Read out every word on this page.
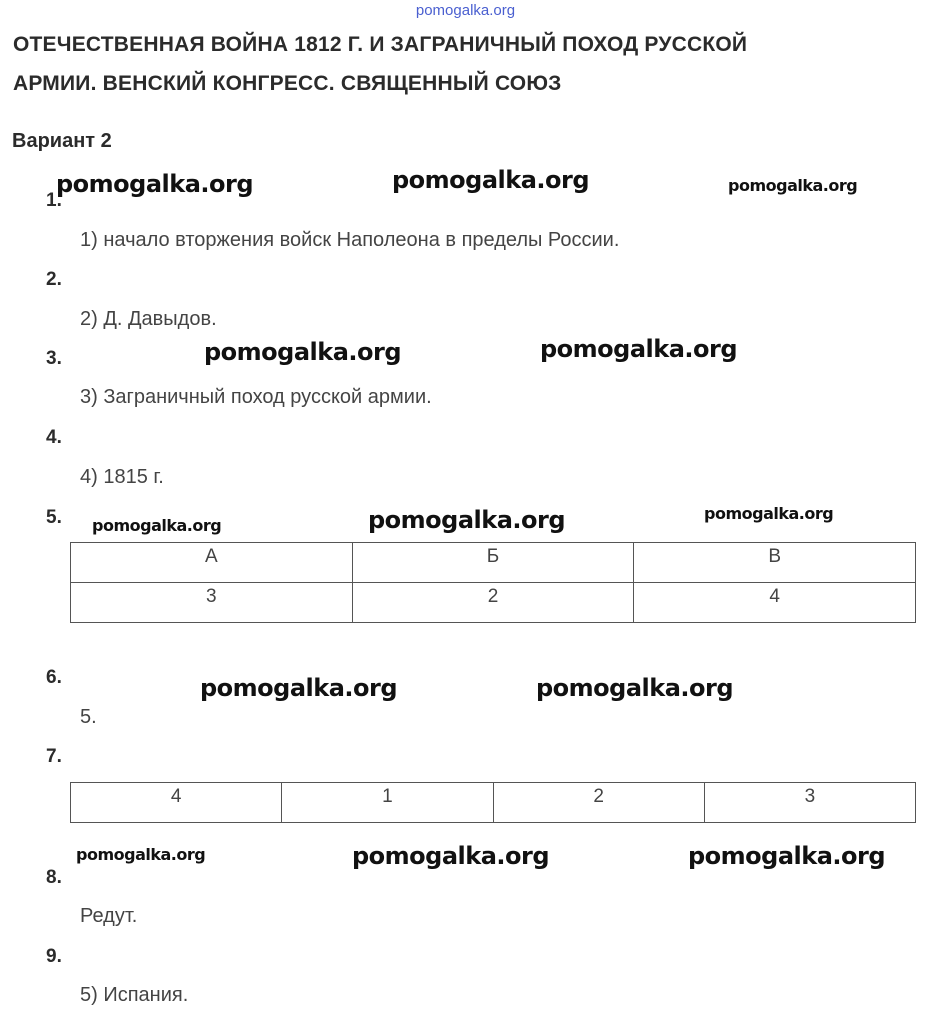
pomogalka.org
ОТЕЧЕСТВЕННАЯ ВОЙНА 1812 Г. И ЗАГРАНИЧНЫЙ ПОХОД РУССКОЙ
АРМИИ. ВЕНСКИЙ КОНГРЕСС. СВЯЩЕННЫЙ СОЮЗ
Вариант 2
1.
1) начало вторжения войск Наполеона в пределы России.
2.
2) Д. Давыдов.
3.
3) Заграничный поход русской армии.
4.
4) 1815 г.
5.
А	Б	В
3	2	4
6.
5.
7.
4	1	2	3
8.
Редут.
9.
5) Испания.
pomogalka.org	pomogalka.org	pomogalka.org
pomogalka.org	pomogalka.org
pomogalka.org	pomogalka.org	pomogalka.org
pomogalka.org	pomogalka.org
pomogalka.org	pomogalka.org	pomogalka.org
